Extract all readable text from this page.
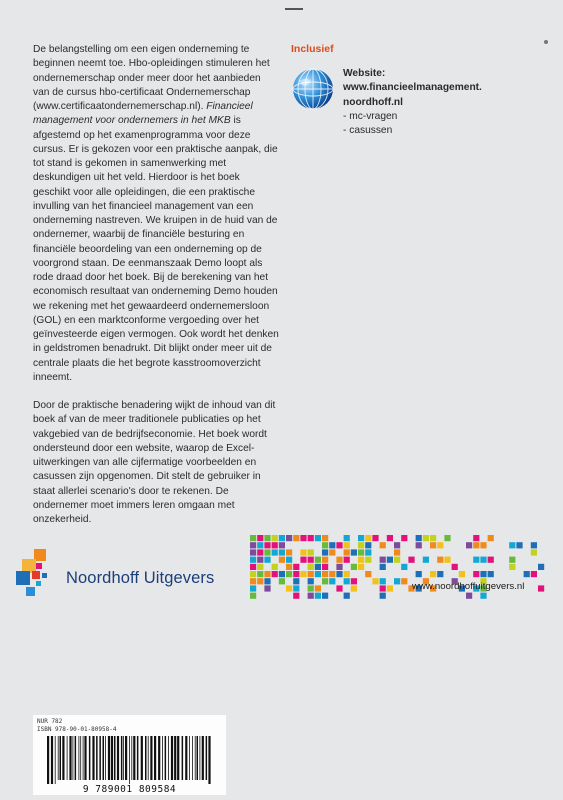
De belangstelling om een eigen onderneming te beginnen neemt toe. Hbo-opleidingen stimuleren het ondernemerschap onder meer door het aanbieden van de cursus hbo-certificaat Ondernemerschap (www.certificaatondernemerschap.nl). Financieel management voor ondernemers in het MKB is afgestemd op het examenprogramma voor deze cursus. Er is gekozen voor een praktische aanpak, die tot stand is gekomen in samenwerking met deskundigen uit het veld. Hierdoor is het boek geschikt voor alle opleidingen, die een praktische invulling van het financieel management van een onderneming nastreven. We kruipen in de huid van de ondernemer, waarbij de financiële besturing en financiële beoordeling van een onderneming op de voorgrond staan. De eenmanszaak Demo loopt als rode draad door het boek. Bij de berekening van het economisch resultaat van onderneming Demo houden we rekening met het gewaardeerd ondernemersloon (GOL) en een marktconforme vergoeding over het geïnvesteerde eigen vermogen. Ook wordt het denken in geldstromen benadrukt. Dit blijkt onder meer uit de centrale plaats die het begrote kasstroomoverzicht inneemt.

Door de praktische benadering wijkt de inhoud van dit boek af van de meer traditionele publicaties op het vakgebied van de bedrijfseconomie. Het boek wordt ondersteund door een website, waarop de Excel-uitwerkingen van alle cijfermatige voorbeelden en casussen zijn opgenomen. Dit stelt de gebruiker in staat allerlei scenario's door te rekenen. De ondernemer moet immers leren omgaan met onzekerheid.

Inclusief
Website:
www.financieelmanagement.
noordhoff.nl
- mc-vragen
- casussen
Noordhoff Uitgevers	www.noordhoffuitgevers.nl
NUR 782
ISBN 978-90-01-80958-4
9 789001 809584
